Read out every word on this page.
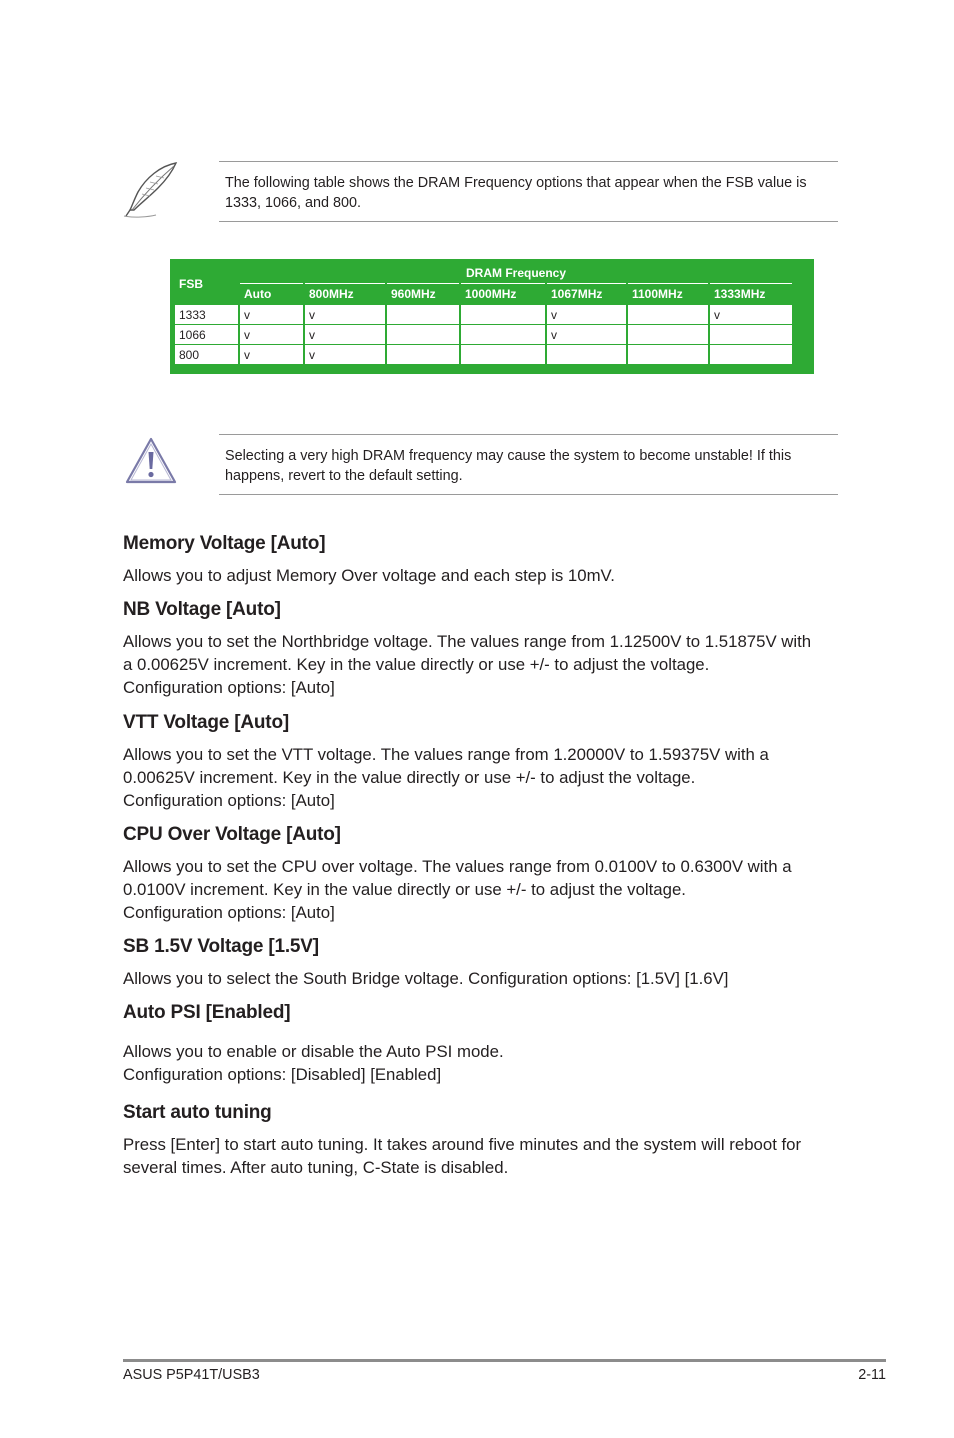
The following table shows the DRAM Frequency options that appear when the FSB value is
1333, 1066, and 800.
FSB	DRAM Frequency						
	Auto	800MHz	960MHz	1000MHz	1067MHz	1100MHz	1333MHz
1333	v	v			v		v
1066	v	v			v		
800	v	v					
Selecting a very high DRAM frequency may cause the system to become unstable! If this
happens, revert to the default setting.
Memory Voltage [Auto]
Allows you to adjust Memory Over voltage and each step is 10mV.
NB Voltage [Auto]
Allows you to set the Northbridge voltage. The values range from 1.12500V to 1.51875V with
a 0.00625V increment. Key in the value directly or use +/- to adjust the voltage.
Configuration options: [Auto]
VTT Voltage [Auto]
Allows you to set the VTT voltage. The values range from 1.20000V to 1.59375V with a
0.00625V increment. Key in the value directly or use +/- to adjust the voltage.
Configuration options: [Auto]
CPU Over Voltage [Auto]
Allows you to set the CPU over voltage. The values range from 0.0100V to 0.6300V with a
0.0100V increment. Key in the value directly or use +/- to adjust the voltage.
Configuration options: [Auto]
SB 1.5V Voltage [1.5V]
Allows you to select the South Bridge voltage. Configuration options: [1.5V] [1.6V]
Auto PSI [Enabled]
Allows you to enable or disable the Auto PSI mode.
Configuration options: [Disabled] [Enabled]
Start auto tuning
Press [Enter] to start auto tuning. It takes around five minutes and the system will reboot for
several times. After auto tuning, C-State is disabled.
ASUS P5P41T/USB3	2-11
